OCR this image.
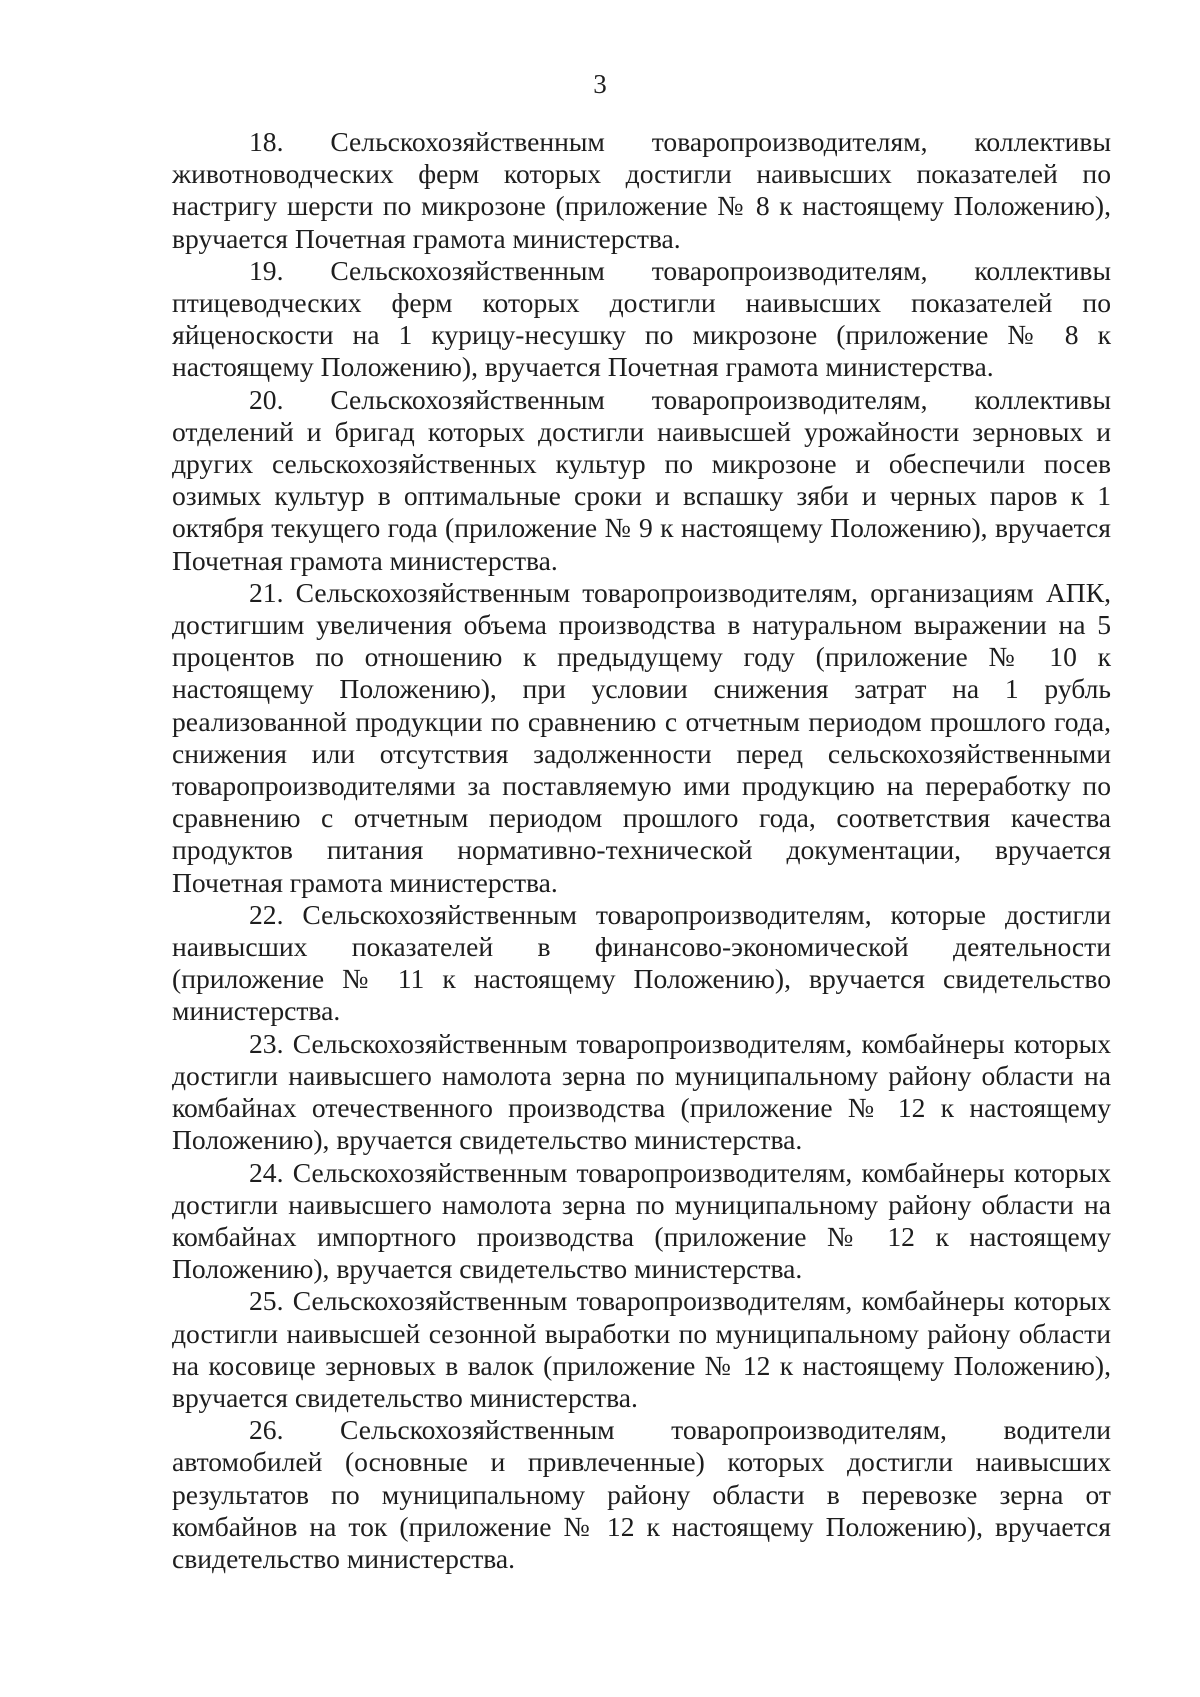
3

18. Сельскохозяйственным товаропроизводителям, коллективы животноводческих ферм которых достигли наивысших показателей по настригу шерсти по микрозоне (приложение № 8 к настоящему Положению), вручается Почетная грамота министерства.

19. Сельскохозяйственным товаропроизводителям, коллективы птицеводческих ферм которых достигли наивысших показателей по яйценоскости на 1 курицу-несушку по микрозоне (приложение № 8 к настоящему Положению), вручается Почетная грамота министерства.

20. Сельскохозяйственным товаропроизводителям, коллективы отделений и бригад которых достигли наивысшей урожайности зерновых и других сельскохозяйственных культур по микрозоне и обеспечили посев озимых культур в оптимальные сроки и вспашку зяби и черных паров к 1 октября текущего года (приложение № 9 к настоящему Положению), вручается Почетная грамота министерства.

21. Сельскохозяйственным товаропроизводителям, организациям АПК, достигшим увеличения объема производства в натуральном выражении на 5 процентов по отношению к предыдущему году (приложение № 10 к настоящему Положению), при условии снижения затрат на 1 рубль реализованной продукции по сравнению с отчетным периодом прошлого года, снижения или отсутствия задолженности перед сельскохозяйственными товаропроизводителями за поставляемую ими продукцию на переработку по сравнению с отчетным периодом прошлого года, соответствия качества продуктов питания нормативно-технической документации, вручается Почетная грамота министерства.

22. Сельскохозяйственным товаропроизводителям, которые достигли наивысших показателей в финансово-экономической деятельности (приложение № 11 к настоящему Положению), вручается свидетельство министерства.

23. Сельскохозяйственным товаропроизводителям, комбайнеры которых достигли наивысшего намолота зерна по муниципальному району области на комбайнах отечественного производства (приложение № 12 к настоящему Положению), вручается свидетельство министерства.

24. Сельскохозяйственным товаропроизводителям, комбайнеры которых достигли наивысшего намолота зерна по муниципальному району области на комбайнах импортного производства (приложение № 12 к настоящему Положению), вручается свидетельство министерства.

25. Сельскохозяйственным товаропроизводителям, комбайнеры которых достигли наивысшей сезонной выработки по муниципальному району области на косовице зерновых в валок (приложение № 12 к настоящему Положению), вручается свидетельство министерства.

26. Сельскохозяйственным товаропроизводителям, водители автомобилей (основные и привлеченные) которых достигли наивысших результатов по муниципальному району области в перевозке зерна от комбайнов на ток (приложение № 12 к настоящему Положению), вручается свидетельство министерства.
